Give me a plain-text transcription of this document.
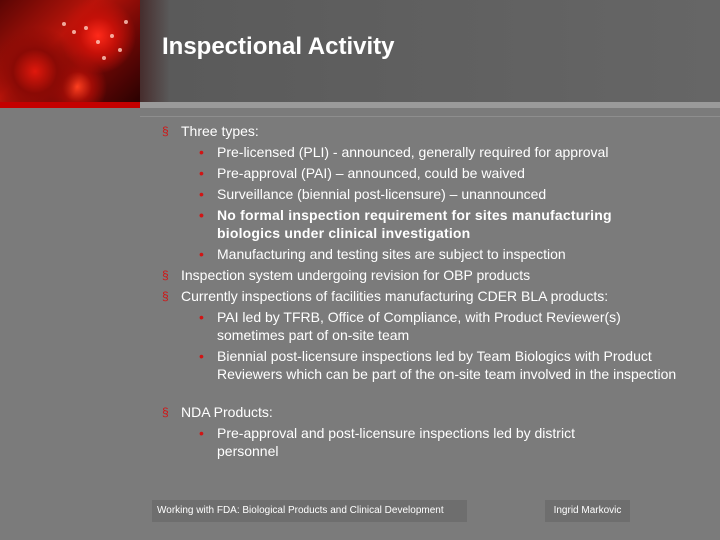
Inspectional Activity
§ Three types:
• Pre-licensed (PLI) - announced, generally required for approval
• Pre-approval (PAI) – announced, could be waived
• Surveillance (biennial post-licensure) – unannounced
• No formal inspection requirement for sites manufacturing biologics under clinical investigation
• Manufacturing and testing sites are subject to inspection
§ Inspection system undergoing revision for OBP products
§ Currently inspections of facilities manufacturing CDER BLA products:
• PAI led by TFRB, Office of Compliance, with Product Reviewer(s) sometimes part of on-site team
• Biennial post-licensure inspections led by Team Biologics with Product Reviewers which can be part of the on-site team involved in the inspection
§ NDA Products:
• Pre-approval and post-licensure inspections led by district personnel
Working with FDA: Biological Products and Clinical Development	Ingrid Markovic
